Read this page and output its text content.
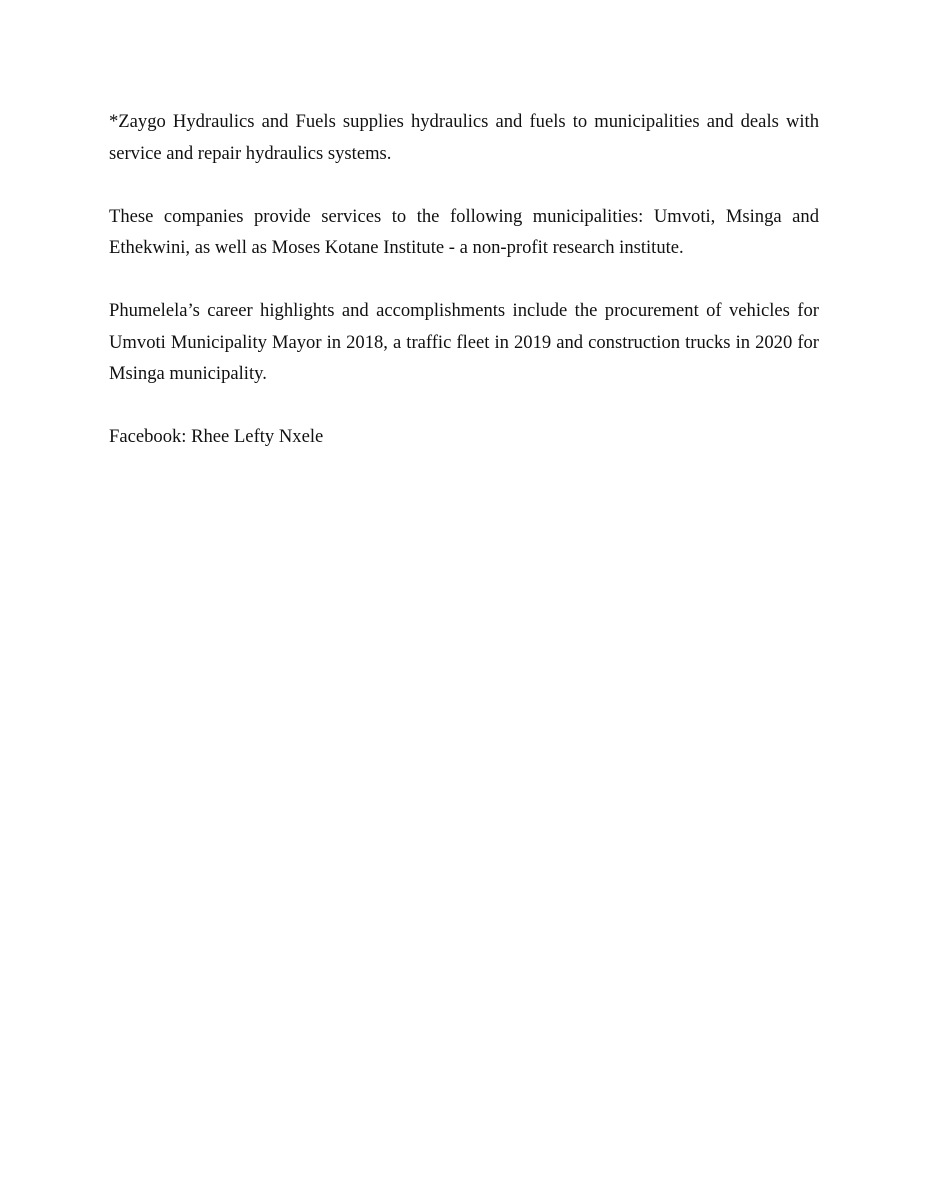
*Zaygo Hydraulics and Fuels supplies hydraulics and fuels to municipalities and deals with service and repair hydraulics systems.

These companies provide services to the following municipalities: Umvoti, Msinga and Ethekwini, as well as Moses Kotane Institute - a non-profit research institute.

Phumelela’s career highlights and accomplishments include the procurement of vehicles for Umvoti Municipality Mayor in 2018, a traffic fleet in 2019 and construction trucks in 2020 for Msinga municipality.

Facebook: Rhee Lefty Nxele
